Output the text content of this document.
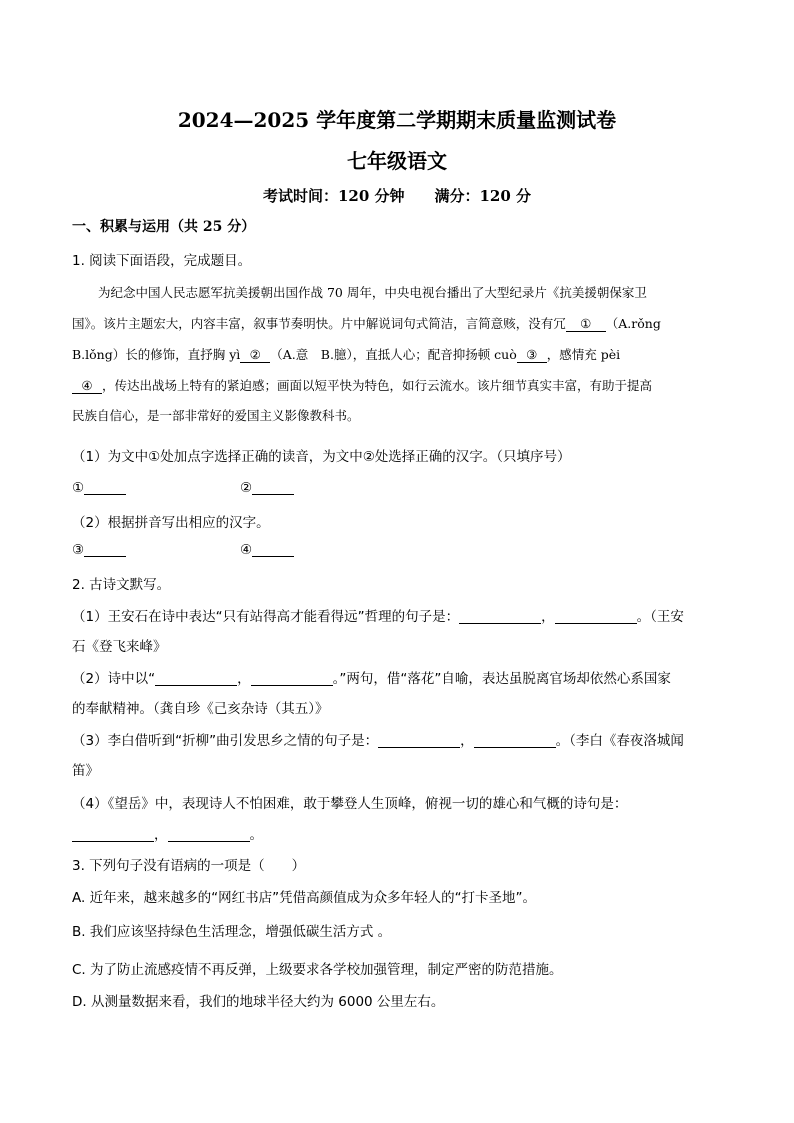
2024—2025 学年度第二学期期末质量监测试卷
七年级语文
考试时间：120 分钟 满分：120 分
一、积累与运用（共 25 分）
1. 阅读下面语段，完成题目。
为纪念中国人民志愿军抗美援朝出国作战 70 周年，中央电视台播出了大型纪录片《抗美援朝保家卫
国》。该片主题宏大，内容丰富，叙事节奏明快。片中解说词句式简洁，言简意赅，没有冗 ① （A.rǒng
B.lǒng）长的修饰，直抒胸 yì ② （A.意　B.臆），直抵人心；配音抑扬顿 cuò ③ ，感情充 pèi
④ ，传达出战场上特有的紧迫感；画面以短平快为特色，如行云流水。该片细节真实丰富，有助于提高
民族自信心，是一部非常好的爱国主义影像教科书。
（1）为文中①处加点字选择正确的读音，为文中②处选择正确的汉字。（只填序号）
①	②
（2）根据拼音写出相应的汉字。
③	④
2. 古诗文默写。
（1）王安石在诗中表达“只有站得高才能看得远”哲理的句子是：	，	。（王安
石《登飞来峰》
（2）诗中以“	，	。”两句，借“落花”自喻，表达虽脱离官场却依然心系国家
的奉献精神。（龚自珍《己亥杂诗（其五）》
（3）李白借听到“折柳”曲引发思乡之情的句子是：	，	。（李白《春夜洛城闻
笛》
（4）《望岳》中，表现诗人不怕困难，敢于攀登人生顶峰，俯视一切的雄心和气概的诗句是：
，	。
3. 下列句子没有语病的一项是（　　）
A. 近年来，越来越多的“网红书店”凭借高颜值成为众多年轻人的“打卡圣地”。
B. 我们应该坚持绿色生活理念，增强低碳生活方式 。
C. 为了防止流感疫情不再反弹，上级要求各学校加强管理，制定严密的防范措施。
D. 从测量数据来看，我们的地球半径大约为 6000 公里左右。
